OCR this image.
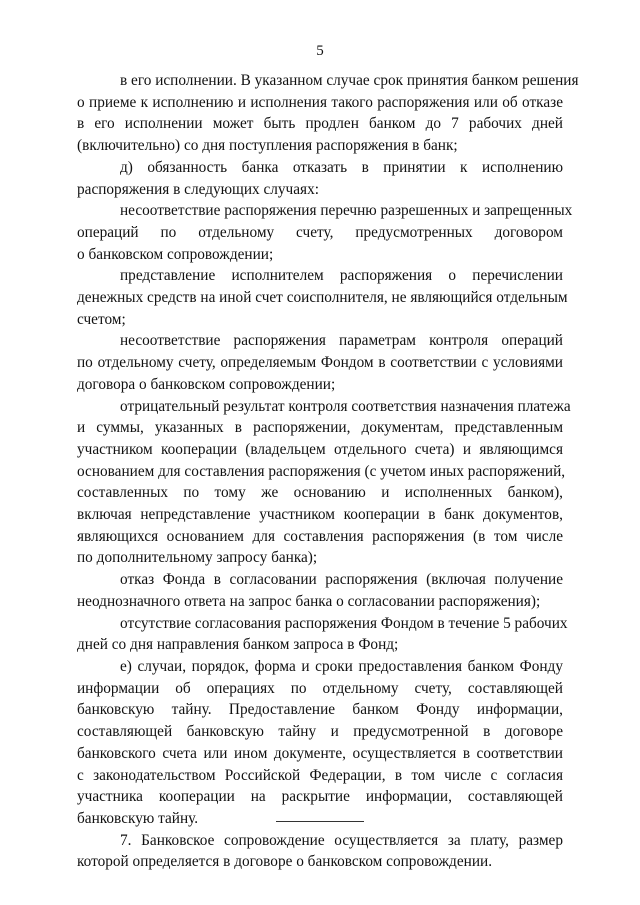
5
в его исполнении. В указанном случае срок принятия банком решения
о приеме к исполнению и исполнения такого распоряжения или об отказе
в его исполнении может быть продлен банком до 7 рабочих дней
(включительно) со дня поступления распоряжения в банк;
д) обязанность банка отказать в принятии к исполнению
распоряжения в следующих случаях:
несоответствие распоряжения перечню разрешенных и запрещенных
операций по отдельному счету, предусмотренных договором
о банковском сопровождении;
представление исполнителем распоряжения о перечислении
денежных средств на иной счет соисполнителя, не являющийся отдельным
счетом;
несоответствие распоряжения параметрам контроля операций
по отдельному счету, определяемым Фондом в соответствии с условиями
договора о банковском сопровождении;
отрицательный результат контроля соответствия назначения платежа
и суммы, указанных в распоряжении, документам, представленным
участником кооперации (владельцем отдельного счета) и являющимся
основанием для составления распоряжения (с учетом иных распоряжений,
составленных по тому же основанию и исполненных банком),
включая непредставление участником кооперации в банк документов,
являющихся основанием для составления распоряжения (в том числе
по дополнительному запросу банка);
отказ Фонда в согласовании распоряжения (включая получение
неоднозначного ответа на запрос банка о согласовании распоряжения);
отсутствие согласования распоряжения Фондом в течение 5 рабочих
дней со дня направления банком запроса в Фонд;
е) случаи, порядок, форма и сроки предоставления банком Фонду
информации об операциях по отдельному счету, составляющей
банковскую тайну. Предоставление банком Фонду информации,
составляющей банковскую тайну и предусмотренной в договоре
банковского счета или ином документе, осуществляется в соответствии
с законодательством Российской Федерации, в том числе с согласия
участника кооперации на раскрытие информации, составляющей
банковскую тайну.
7. Банковское сопровождение осуществляется за плату, размер
которой определяется в договоре о банковском сопровождении.
